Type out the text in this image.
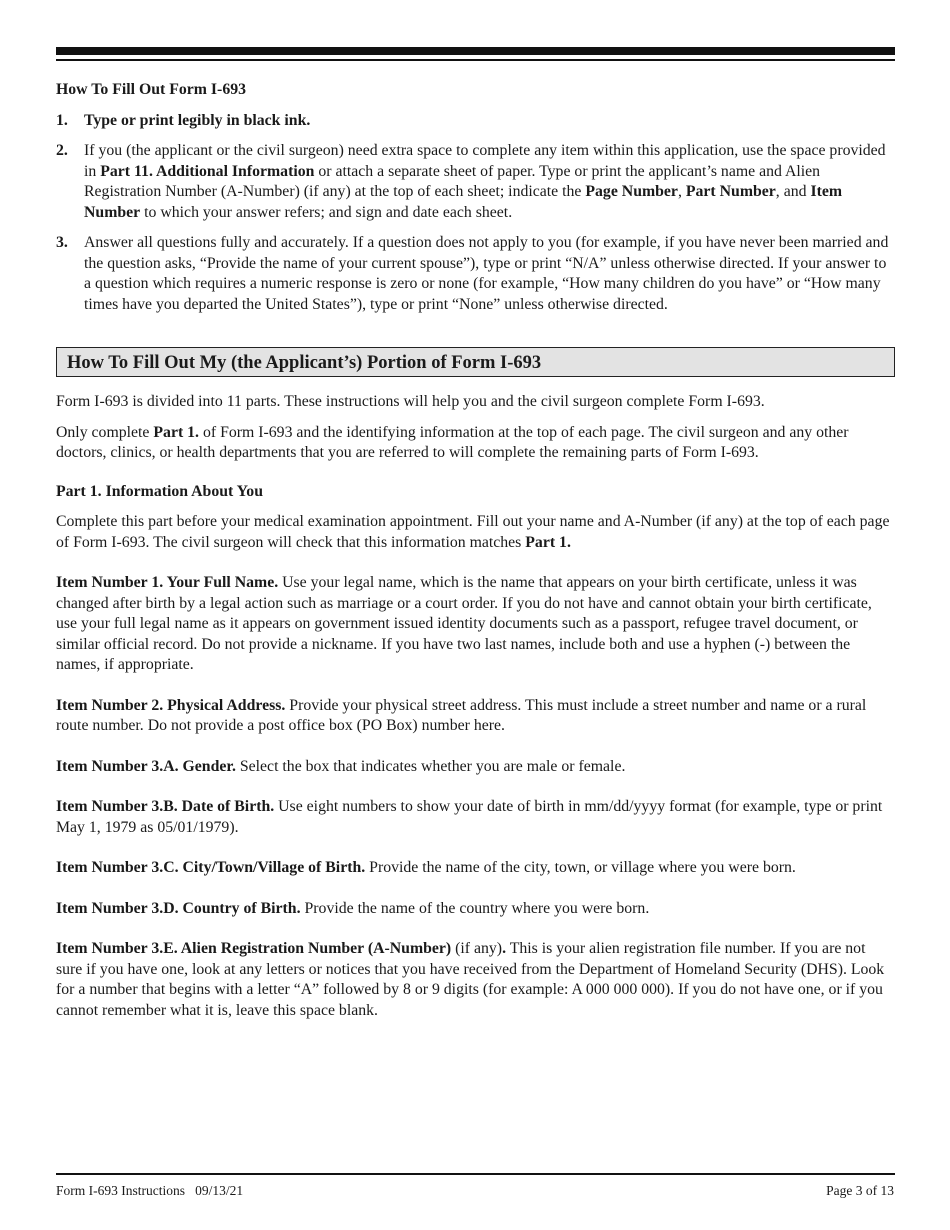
How To Fill Out Form I-693
1. Type or print legibly in black ink.
2. If you (the applicant or the civil surgeon) need extra space to complete any item within this application, use the space provided in Part 11. Additional Information or attach a separate sheet of paper. Type or print the applicant’s name and Alien Registration Number (A-Number) (if any) at the top of each sheet; indicate the Page Number, Part Number, and Item Number to which your answer refers; and sign and date each sheet.
3. Answer all questions fully and accurately. If a question does not apply to you (for example, if you have never been married and the question asks, “Provide the name of your current spouse”), type or print “N/A” unless otherwise directed. If your answer to a question which requires a numeric response is zero or none (for example, “How many children do you have” or “How many times have you departed the United States”), type or print “None” unless otherwise directed.
How To Fill Out My (the Applicant’s) Portion of Form I-693

Form I-693 is divided into 11 parts. These instructions will help you and the civil surgeon complete Form I-693.

Only complete Part 1. of Form I-693 and the identifying information at the top of each page. The civil surgeon and any other doctors, clinics, or health departments that you are referred to will complete the remaining parts of Form I-693.

Part 1. Information About You

Complete this part before your medical examination appointment. Fill out your name and A-Number (if any) at the top of each page of Form I-693. The civil surgeon will check that this information matches Part 1.

Item Number 1. Your Full Name. Use your legal name, which is the name that appears on your birth certificate, unless it was changed after birth by a legal action such as marriage or a court order. If you do not have and cannot obtain your birth certificate, use your full legal name as it appears on government issued identity documents such as a passport, refugee travel document, or similar official record. Do not provide a nickname. If you have two last names, include both and use a hyphen (-) between the names, if appropriate.

Item Number 2. Physical Address. Provide your physical street address. This must include a street number and name or a rural route number. Do not provide a post office box (PO Box) number here.

Item Number 3.A. Gender. Select the box that indicates whether you are male or female.

Item Number 3.B. Date of Birth. Use eight numbers to show your date of birth in mm/dd/yyyy format (for example, type or print May 1, 1979 as 05/01/1979).

Item Number 3.C. City/Town/Village of Birth. Provide the name of the city, town, or village where you were born.

Item Number 3.D. Country of Birth. Provide the name of the country where you were born.

Item Number 3.E. Alien Registration Number (A-Number) (if any). This is your alien registration file number. If you are not sure if you have one, look at any letters or notices that you have received from the Department of Homeland Security (DHS). Look for a number that begins with a letter “A” followed by 8 or 9 digits (for example: A 000 000 000). If you do not have one, or if you cannot remember what it is, leave this space blank.

Form I-693 Instructions   09/13/21	Page 3 of 13
